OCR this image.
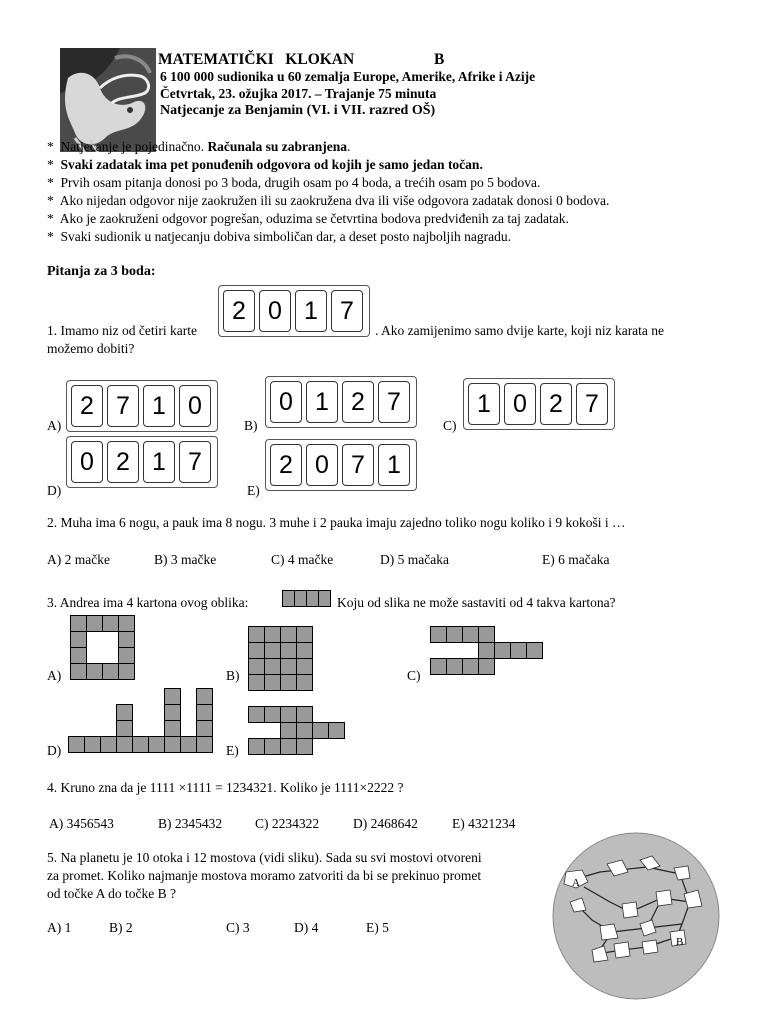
MATEMATIČKI   KLOKAN	B
6 100 000 sudionika u 60 zemalja Europe, Amerike, Afrike i Azije
Četvrtak, 23. ožujka 2017. – Trajanje 75 minuta
Natjecanje za Benjamin (VI. i VII. razred OŠ)
*  Natjecanje je pojedinačno. Računala su zabranjena.
*  Svaki zadatak ima pet ponuđenih odgovora od kojih je samo jedan točan.
*  Prvih osam pitanja donosi po 3 boda, drugih osam po 4 boda, a trećih osam po 5 bodova.
*  Ako nijedan odgovor nije zaokružen ili su zaokružena dva ili više odgovora zadatak donosi 0 bodova.
*  Ako je zaokruženi odgovor pogrešan, oduzima se četvrtina bodova predviđenih za taj zadatak.
*  Svaki sudionik u natjecanju dobiva simboličan dar, a deset posto najboljih nagradu.
Pitanja za 3 boda:
1. Imamo niz od četiri karte	. Ako zamijenimo samo dvije karte, koji niz karata ne
možemo dobiti?
2 0 1 7
A)
2 7 1 0
B)
0 1 2 7
C)
1 0 2 7
D)
0 2 1 7
E)
2 0 7 1
2. Muha ima 6 nogu, a pauk ima 8 nogu. 3 muhe i 2 pauka imaju zajedno toliko nogu koliko i 9 kokoši i …
A) 2 mačke	B) 3 mačke	C) 4 mačke	D) 5 mačaka	E) 6 mačaka
3. Andrea ima 4 kartona ovog oblika:	Koju od slika ne može sastaviti od 4 takva kartona?
A)	B)	C)
D)	E)
4. Kruno zna da je 1111 ×1111 = 1234321. Koliko je 1111×2222 ?
A) 3456543	B) 2345432 C) 2234322	D) 2468642	E) 4321234
5. Na planetu je 10 otoka i 12 mostova (vidi sliku). Sada su svi mostovi otvoreni
za promet. Koliko najmanje mostova moramo zatvoriti da bi se prekinuo promet
od točke A do točke B ?
A) 1	B) 2	C) 3	D) 4	E) 5
A
B
